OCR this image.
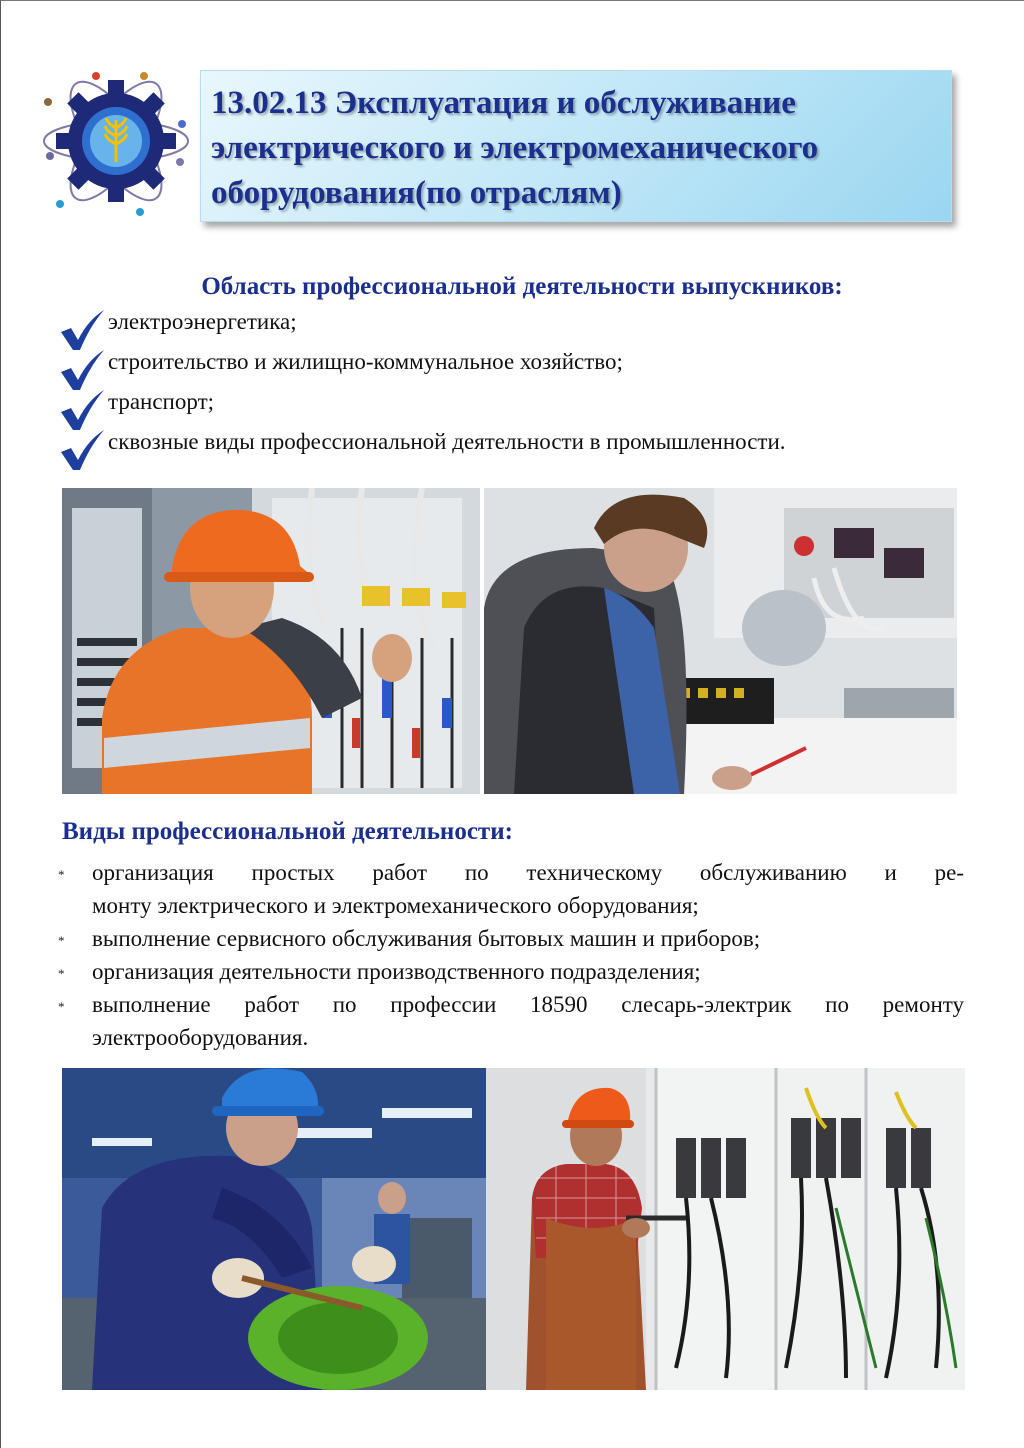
13.02.13 Эксплуатация и обслуживание
электрического и электромеханического
оборудования(по отраслям)
Область профессиональной деятельности выпускников:
электроэнергетика;
строительство и жилищно-коммунальное хозяйство;
транспорт;
сквозные виды профессиональной деятельности в промышленности.
Виды профессиональной деятельности:
* организация простых работ по техническому обслуживанию и ре-
монту электрического и электромеханического оборудования;
* выполнение сервисного обслуживания бытовых машин и приборов;
* организация деятельности производственного подразделения;
* выполнение работ по профессии 18590 слесарь-электрик по ремонту
электрооборудования.
